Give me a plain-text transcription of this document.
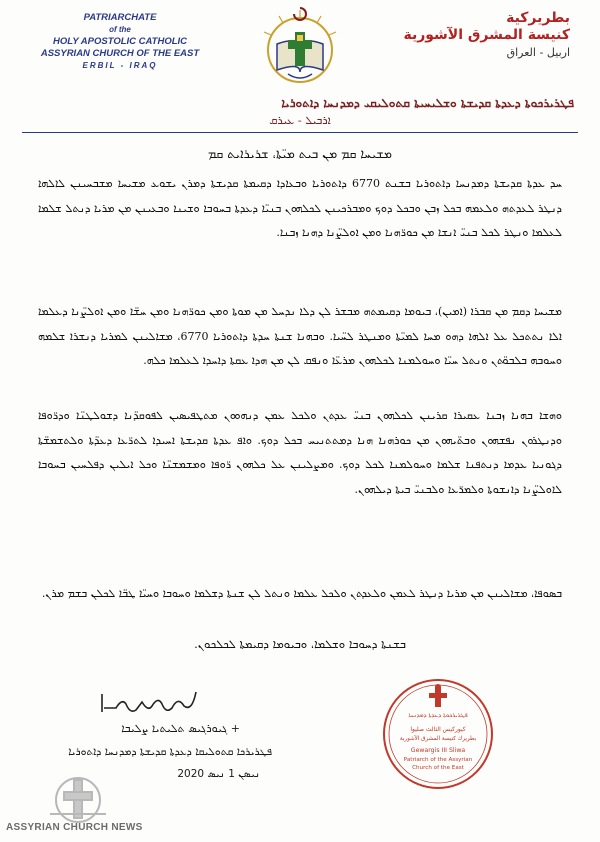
PATRIARCHATE
of the
HOLY APOSTOLIC CATHOLIC
ASSYRIAN CHURCH OF THE EAST
ERBIL - IRAQ
بطريركية
كنيسة المشرق الآشورية
اربيل - العراق
ܦܛܪܝܪܟܘܬܐ ܕܥܕܬܐ ܩܕܝܫܬܐ ܘܫܠܝܚܝܬܐ ܩܬܘܠܝܩܝ ܕܡܕܢܚܐ ܕܐܬܘܪܝܐ
ܐܪܒܝܠ - ܥܝܪܩ
ܡܫܝܚܐ ܩܡ ܡܢ ܒܝܬ ܡܝ̈ܬܐ، ܫܪܝܪܐܝܬ ܩܡ

ܚܕ ܥܕܬܐ ܩܕܝܫܬܐ ܕܡܕܢܚܐ ܕܐܬܘܪܝܐ ܒܫܢܬ 6770 ܕܐܬܘܪܝܐ ܘܒܥܐܕܐ ܕܩܝܡܬܐ ܩܕܝܫܬܐ ܕܡܪܢ ܝܫܘܥ ܡܫܝܚܐ ܡܫܒܚܝܢܢ ܠܐܠܗܐ ܕܢܛܪ ܠܥܕܬܗ ܘܠܥܡܗ ܒܟܠ ܙܒܢ ܘܒܟܠ ܕܘܟ ܘܡܒܪܟܝܢܢ ܠܟܠܗܘܢ ܒܢܝ̈ܐ ܕܥܕܬܐ ܒܚܘܒܐ ܘܫܝܢܐ ܘܒܥܝܢܢ ܡܢ ܡܪܝܐ ܕܢܬܠ ܫܠܡܐ ܠܥܠܡܐ ܘܢܛܪ ܠܟܠ ܒܢܝ̈ ܐܢܫܐ ܡܢ ܟܘܪ̈ܗܢܐ ܘܡܢ ܐܘܠܨ̈ܢܐ ܕܗܢܐ ܙܒܢܐ.

ܡܫܝܚܐ ܕܩܡ ܡܢ ܩܒܪܐ (ܐܡܝܢ)، ܒܝܘܡܐ ܕܩܝܡܬܗ ܡܒܫܪ ܠܢ ܕܠܐ ܢܕܚܠ ܡܢ ܡܘܬܐ ܘܡܢ ܟܘܪ̈ܗܢܐ ܘܡܢ ܚܫ̈ܐ ܘܡܢ ܐܘܠܨ̈ܢܐ ܕܥܠܡܐ ܐܠܐ ܢܬܬܟܠ ܥܠ ܐܠܗܐ ܕܗܘ ܡܚܐ ܠܡܝ̈ܬܐ ܘܡܢܛܪ ܠܚ̈ܝܐ. ܘܒܗܢܐ ܫܢܬܐ ܚܕܬܐ ܕܐܬܘܪܝܐ 6770، ܡܫܐܠܝܢܢ ܠܡܪܝܐ ܕܢܫܪܐ ܫܠܡܗ ܘܚܘܒܗ ܒܠܒܘ̈ܬܢ ܘܢܬܠ ܚܝ̈ܐ ܘܚܘܠܡܢܐ ܠܟܠܗܘܢ ܡܪܥ̈ܐ ܘܢܦܩ ܠܢ ܡܢ ܗܕܐ ܥܩܬܐ ܕܐܚܕܐ ܠܥܠܡܐ ܟܠܗ.

ܘܗܫܐ ܒܗܢܐ ܙܒܢܐ ܥܩܝܪܐ ܩܪܝܢܢ ܠܟܠܗܘܢ ܒܢܝ̈ ܥܕܬܢ ܘܠܟܠ ܥܡܢ ܕܢܗܘܘܢ ܡܬܛܦܝܣܝܢ ܠܦܘܩܕ̈ܢܐ ܕܫܘܠܛܢ̈ܐ ܘܕܪ̈ܘܦܐ ܘܕܢܛܪܘܢ ܢܦܫܗܘܢ ܘܒܬ̈ܝܗܘܢ ܡܢ ܟܘܪܗܢܐ ܗܢܐ ܕܡܬܬܢܝܚ ܒܟܠ ܕܘܟ. ܘܐܦ ܥܕܬܐ ܩܕܝܫܬܐ ܐܚܝܕܐ ܠܬܪ̈ܥܐ ܕܥܕ̈ܬܐ ܘܠܬܫܡܫ̈ܬܐ ܕܓܘܢܝܐ ܥܕܡܐ ܕܢܬܦܢܐ ܫܠܡܐ ܘܚܘܠܡܢܐ ܠܟܠ ܕܘܟ. ܘܡܨܠܝܢܢ ܥܠ ܟܠܗܘܢ ܪ̈ܘܦܐ ܘܡܫܡܫܢ̈ܐ ܘܟܠ ܐܝܠܝܢ ܕܦܠܚܝܢ ܒܚܘܒܐ ܠܐܘܠܨ̈ܢܐ ܕܐܢܫܘܬܐ ܘܠܡܪ̈ܥܐ ܘܠܒܢܝ̈ ܒܝܬܐ ܕܝܠܗܘܢ.

ܒܣܘܦܐ، ܡܫܐܠܝܢܢ ܡܢ ܡܪܝܐ ܕܢܛܪ ܠܥܡܢ ܘܠܥܕܬܢ ܘܠܟܠ ܥܠܡܐ ܘܢܬܠ ܠܢ ܫܢܬܐ ܕܫܠܡܐ ܘܚܘܒܐ ܘܚܝ̈ܐ ܛܒ̈ܐ ܠܟܠܢ ܒܫܡ ܡܪܢ.

ܒܫܢܬܐ ܕܚܘܒܐ ܘܫܠܡܐ، ܘܒܝܘܡܐ ܕܩܝܡܬܐ ܠܟܠܟܘܢ.
+ ܓܝܘܪܓܝܣ ܬܠܝܬܝܐ ܨܠܝܒܐ
ܦܛܪܝܪܟܐ ܩܬܘܠܝܩܐ ܕܥܕܬܐ ܩܕܝܫܬܐ ܕܡܕܢܚܐ ܕܐܬܘܪܝܐ
ܢܝܣܢ 1 ܢܝܣ 2020
ܦܛܪܝܪܟܘܬܐ ܕܥܕܬܐ ܕܡܕܢܚܐ
كيوركيس الثالث صليوا
بطريرك كنيسة المشرق الآشورية
Gewargis III Sliwa
Patriarch of the Assyrian
Church of the East
ASSYRIAN CHURCH NEWS
